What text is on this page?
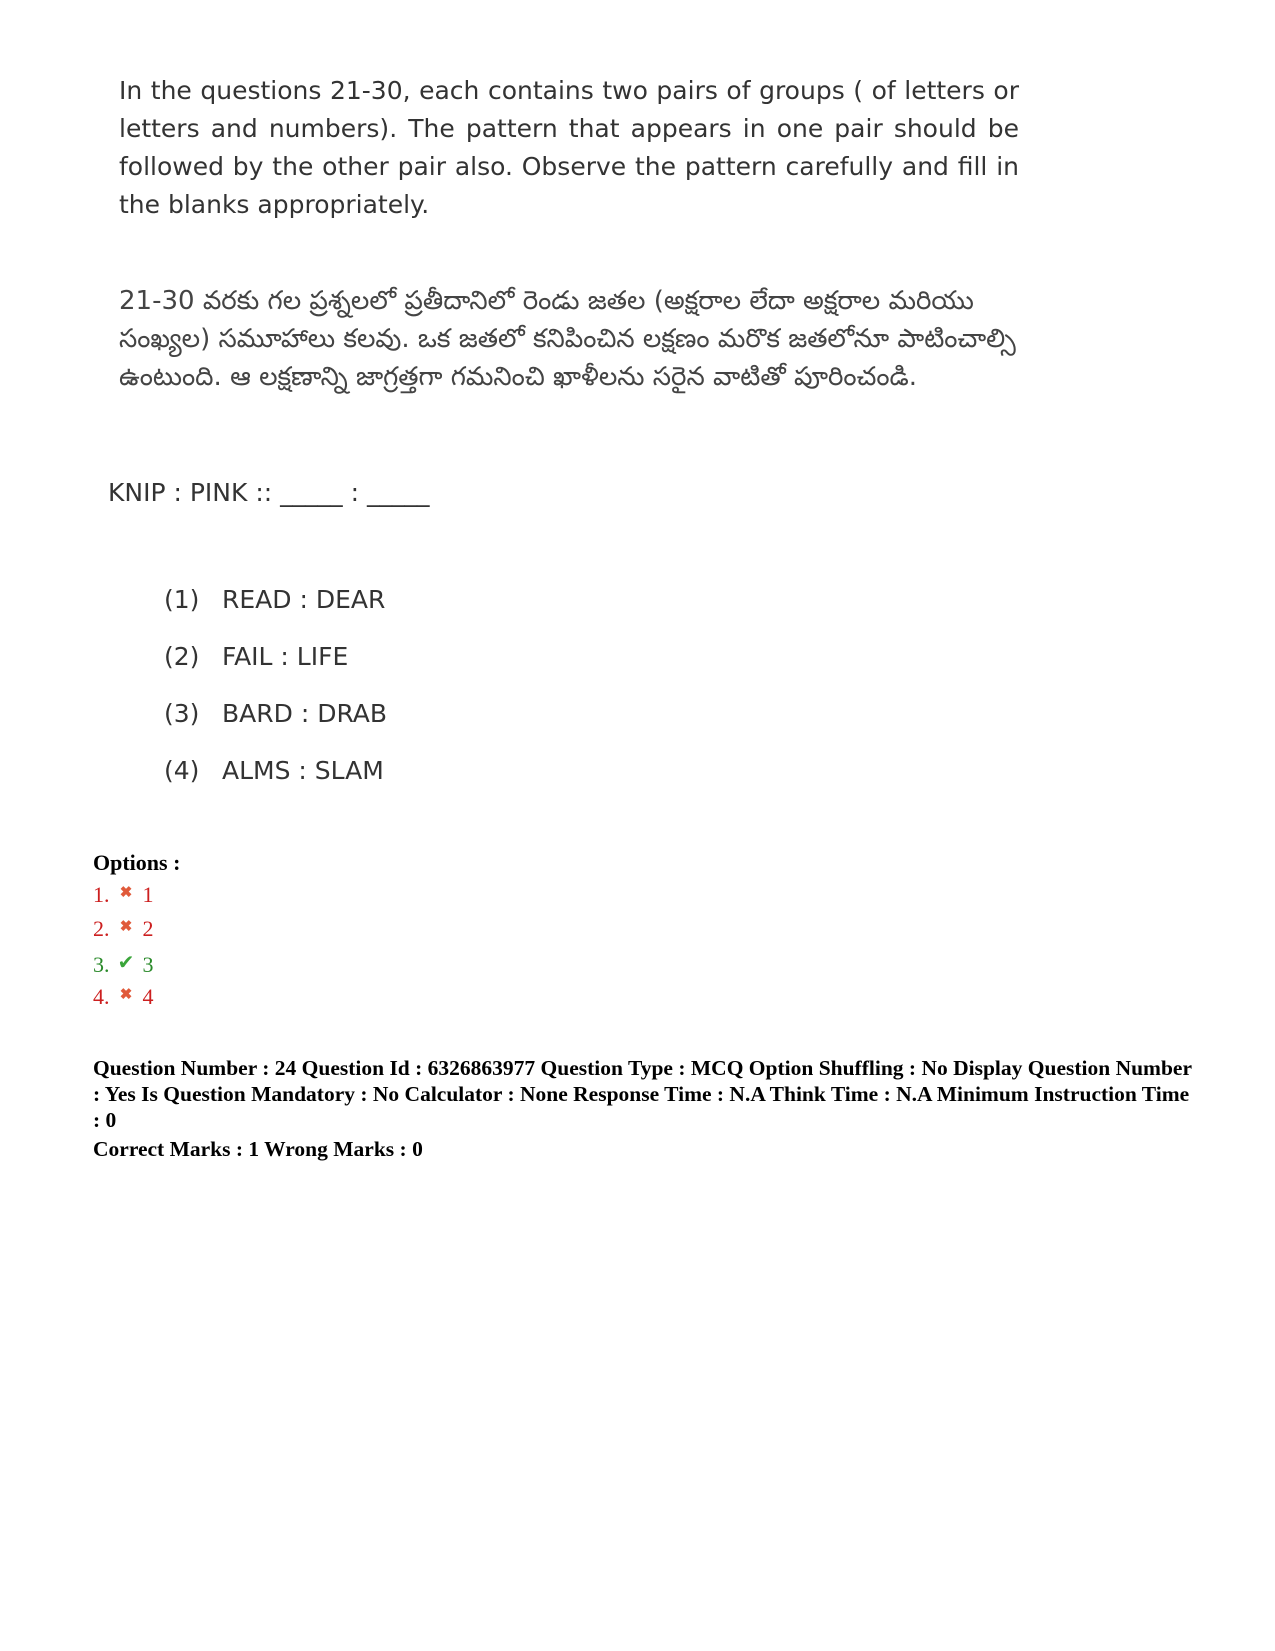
In the questions 21-30, each contains two pairs of groups ( of letters or letters and numbers). The pattern that appears in one pair should be followed by the other pair also. Observe the pattern carefully and fill in the blanks appropriately.
21-30 వరకు గల ప్రశ్నలలో ప్రతీదానిలో రెండు జతల (అక్షరాల లేదా అక్షరాల మరియు సంఖ్యల) సమూహాలు కలవు. ఒక జతలో కనిపించిన లక్షణం మరొక జతలోనూ పాటించాల్సి ఉంటుంది. ఆ లక్షణాన్ని జాగ్రత్తగా గమనించి ఖాళీలను సరైన వాటితో పూరించండి.
KNIP : PINK :: _____ : _____
(1) READ : DEAR
(2) FAIL : LIFE
(3) BARD : DRAB
(4) ALMS : SLAM
Options :
1. ✖ 1
2. ✖ 2
3. ✔ 3
4. ✖ 4
Question Number : 24 Question Id : 6326863977 Question Type : MCQ Option Shuffling : No Display Question Number : Yes Is Question Mandatory : No Calculator : None Response Time : N.A Think Time : N.A Minimum Instruction Time : 0
Correct Marks : 1 Wrong Marks : 0
